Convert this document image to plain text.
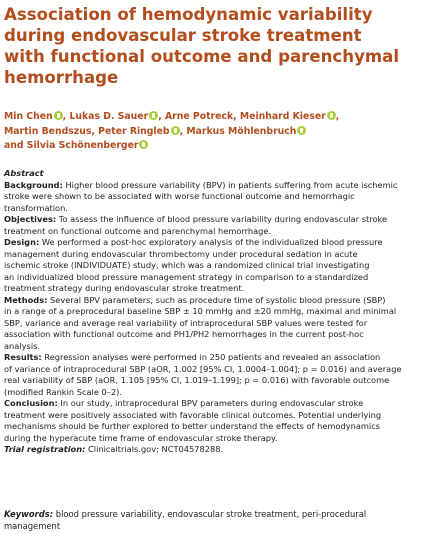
Association of hemodynamic variability
during endovascular stroke treatment
with functional outcome and parenchymal
hemorrhage
Min Chen , Lukas D. Sauer , Arne Potreck, Meinhard Kieser ,
Martin Bendszus, Peter Ringleb , Markus Möhlenbruch
and Silvia Schönenberger
Abstract
Background: Higher blood pressure variability (BPV) in patients suffering from acute ischemic
stroke were shown to be associated with worse functional outcome and hemorrhagic
transformation.
Objectives: To assess the influence of blood pressure variability during endovascular stroke
treatment on functional outcome and parenchymal hemorrhage.
Design: We performed a post-hoc exploratory analysis of the individualized blood pressure
management during endovascular thrombectomy under procedural sedation in acute
ischemic stroke (INDIVIDUATE) study, which was a randomized clinical trial investigating
an individualized blood pressure management strategy in comparison to a standardized
treatment strategy during endovascular stroke treatment.
Methods: Several BPV parameters, such as procedure time of systolic blood pressure (SBP)
in a range of a preprocedural baseline SBP ± 10 mmHg and ±20 mmHg, maximal and minimal
SBP, variance and average real variability of intraprocedural SBP values were tested for
association with functional outcome and PH1/PH2 hemorrhages in the current post-hoc
analysis.
Results: Regression analyses were performed in 250 patients and revealed an association
of variance of intraprocedural SBP (aOR, 1.002 [95% CI, 1.0004–1.004]; p = 0.016) and average
real variability of SBP (aOR, 1.105 [95% CI, 1.019–1.199]; p = 0.016) with favorable outcome
(modified Rankin Scale 0–2).
Conclusion: In our study, intraprocedural BPV parameters during endovascular stroke
treatment were positively associated with favorable clinical outcomes. Potential underlying
mechanisms should be further explored to better understand the effects of hemodynamics
during the hyperacute time frame of endovascular stroke therapy.
Trial registration: Clinicaltrials.gov; NCT04578288.
Keywords: blood pressure variability, endovascular stroke treatment, peri-procedural
management
